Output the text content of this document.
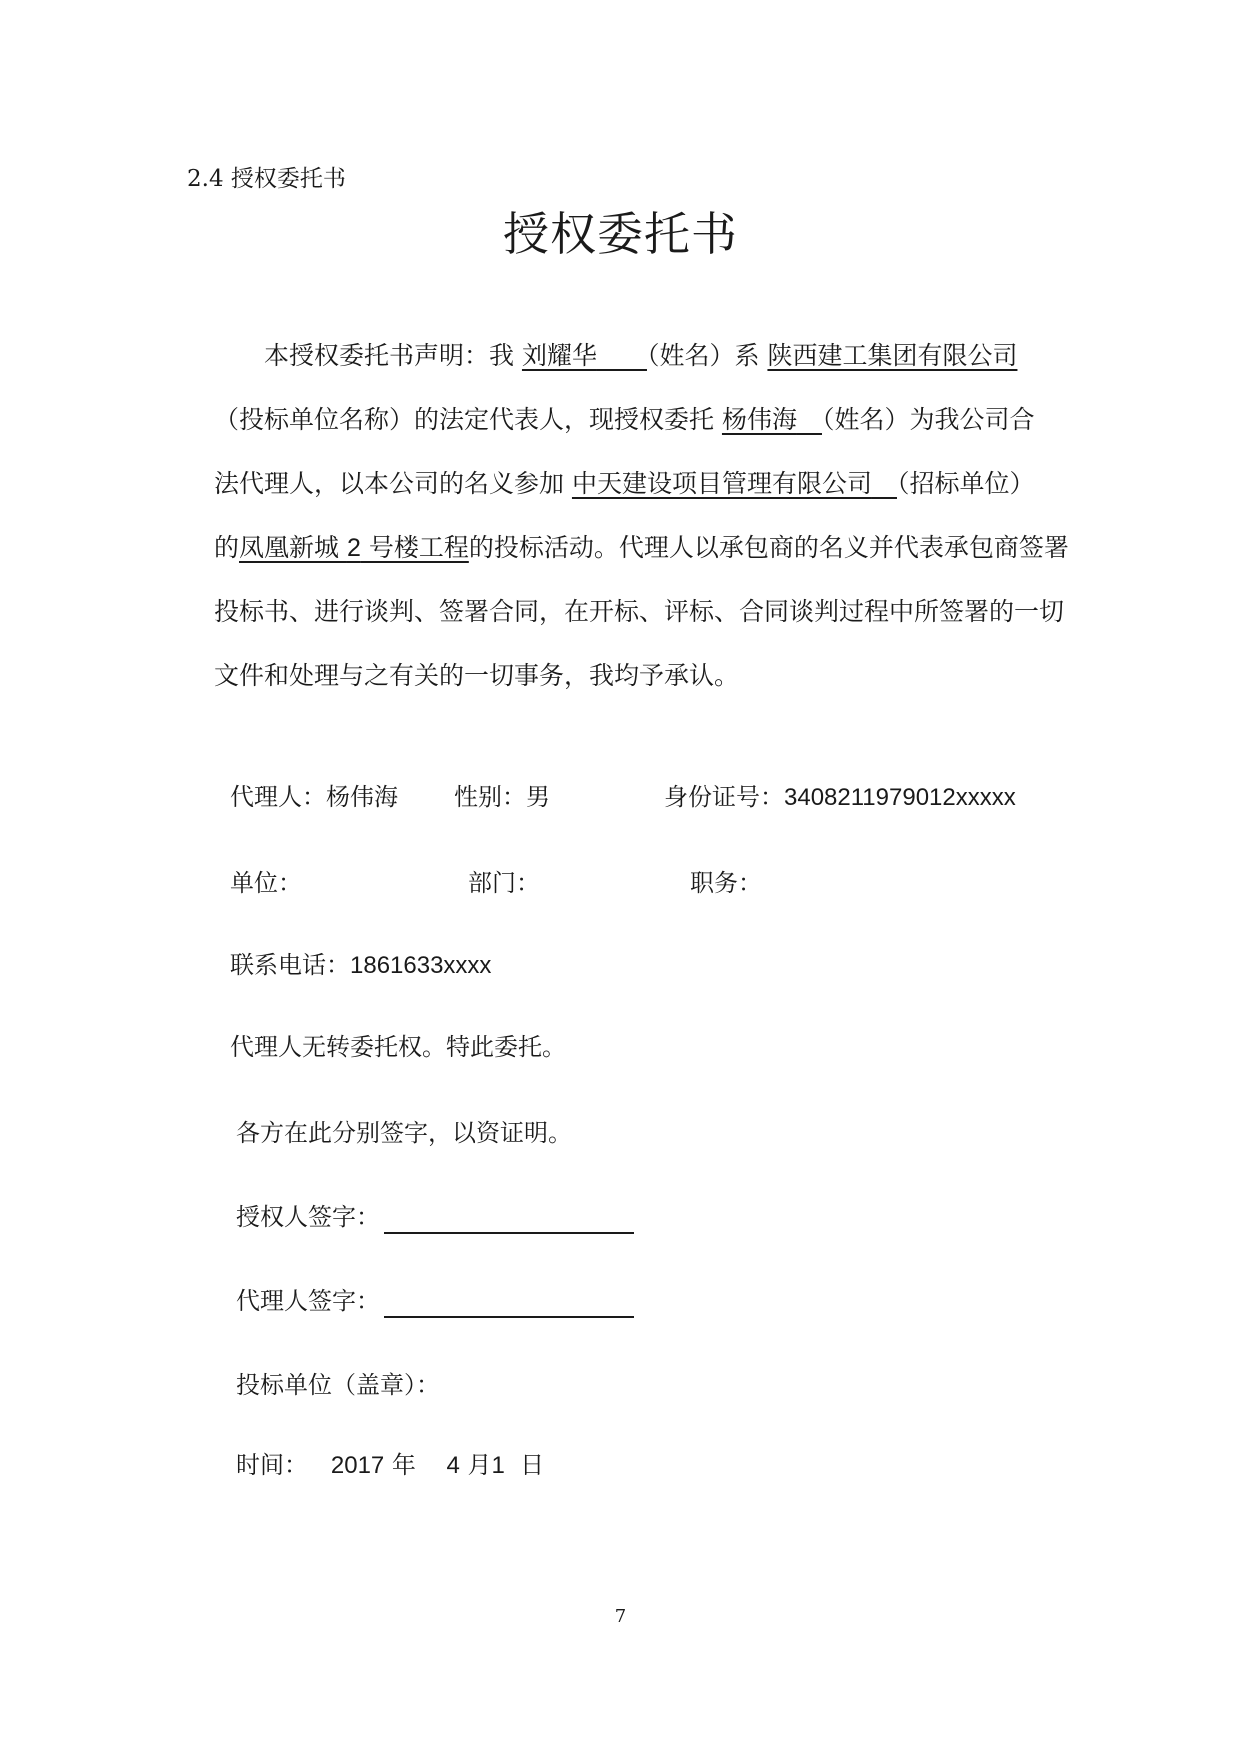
2.4 授权委托书
授权委托书
本授权委托书声明：我 刘耀华　　 （姓名）系 陕西建工集团有限公司
（投标单位名称）的法定代表人，现授权委托 杨伟海　 （姓名）为我公司合
法代理人，以本公司的名义参加 中天建设项目管理有限公司　 （招标单位）
的凤凰新城 2 号楼工程的投标活动。代理人以承包商的名义并代表承包商签署
投标书、进行谈判、签署合同，在开标、评标、合同谈判过程中所签署的一切
文件和处理与之有关的一切事务，我均予承认。
代理人：杨伟海 性别：男	身份证号：3408211979012xxxxx
单位：	部门：	职务：
联系电话：1861633xxxx
代理人无转委托权。特此委托。
各方在此分别签字，以资证明。
授权人签字：
代理人签字：
投标单位（盖章）：
时间： 2017 年 4 月1 日
7
